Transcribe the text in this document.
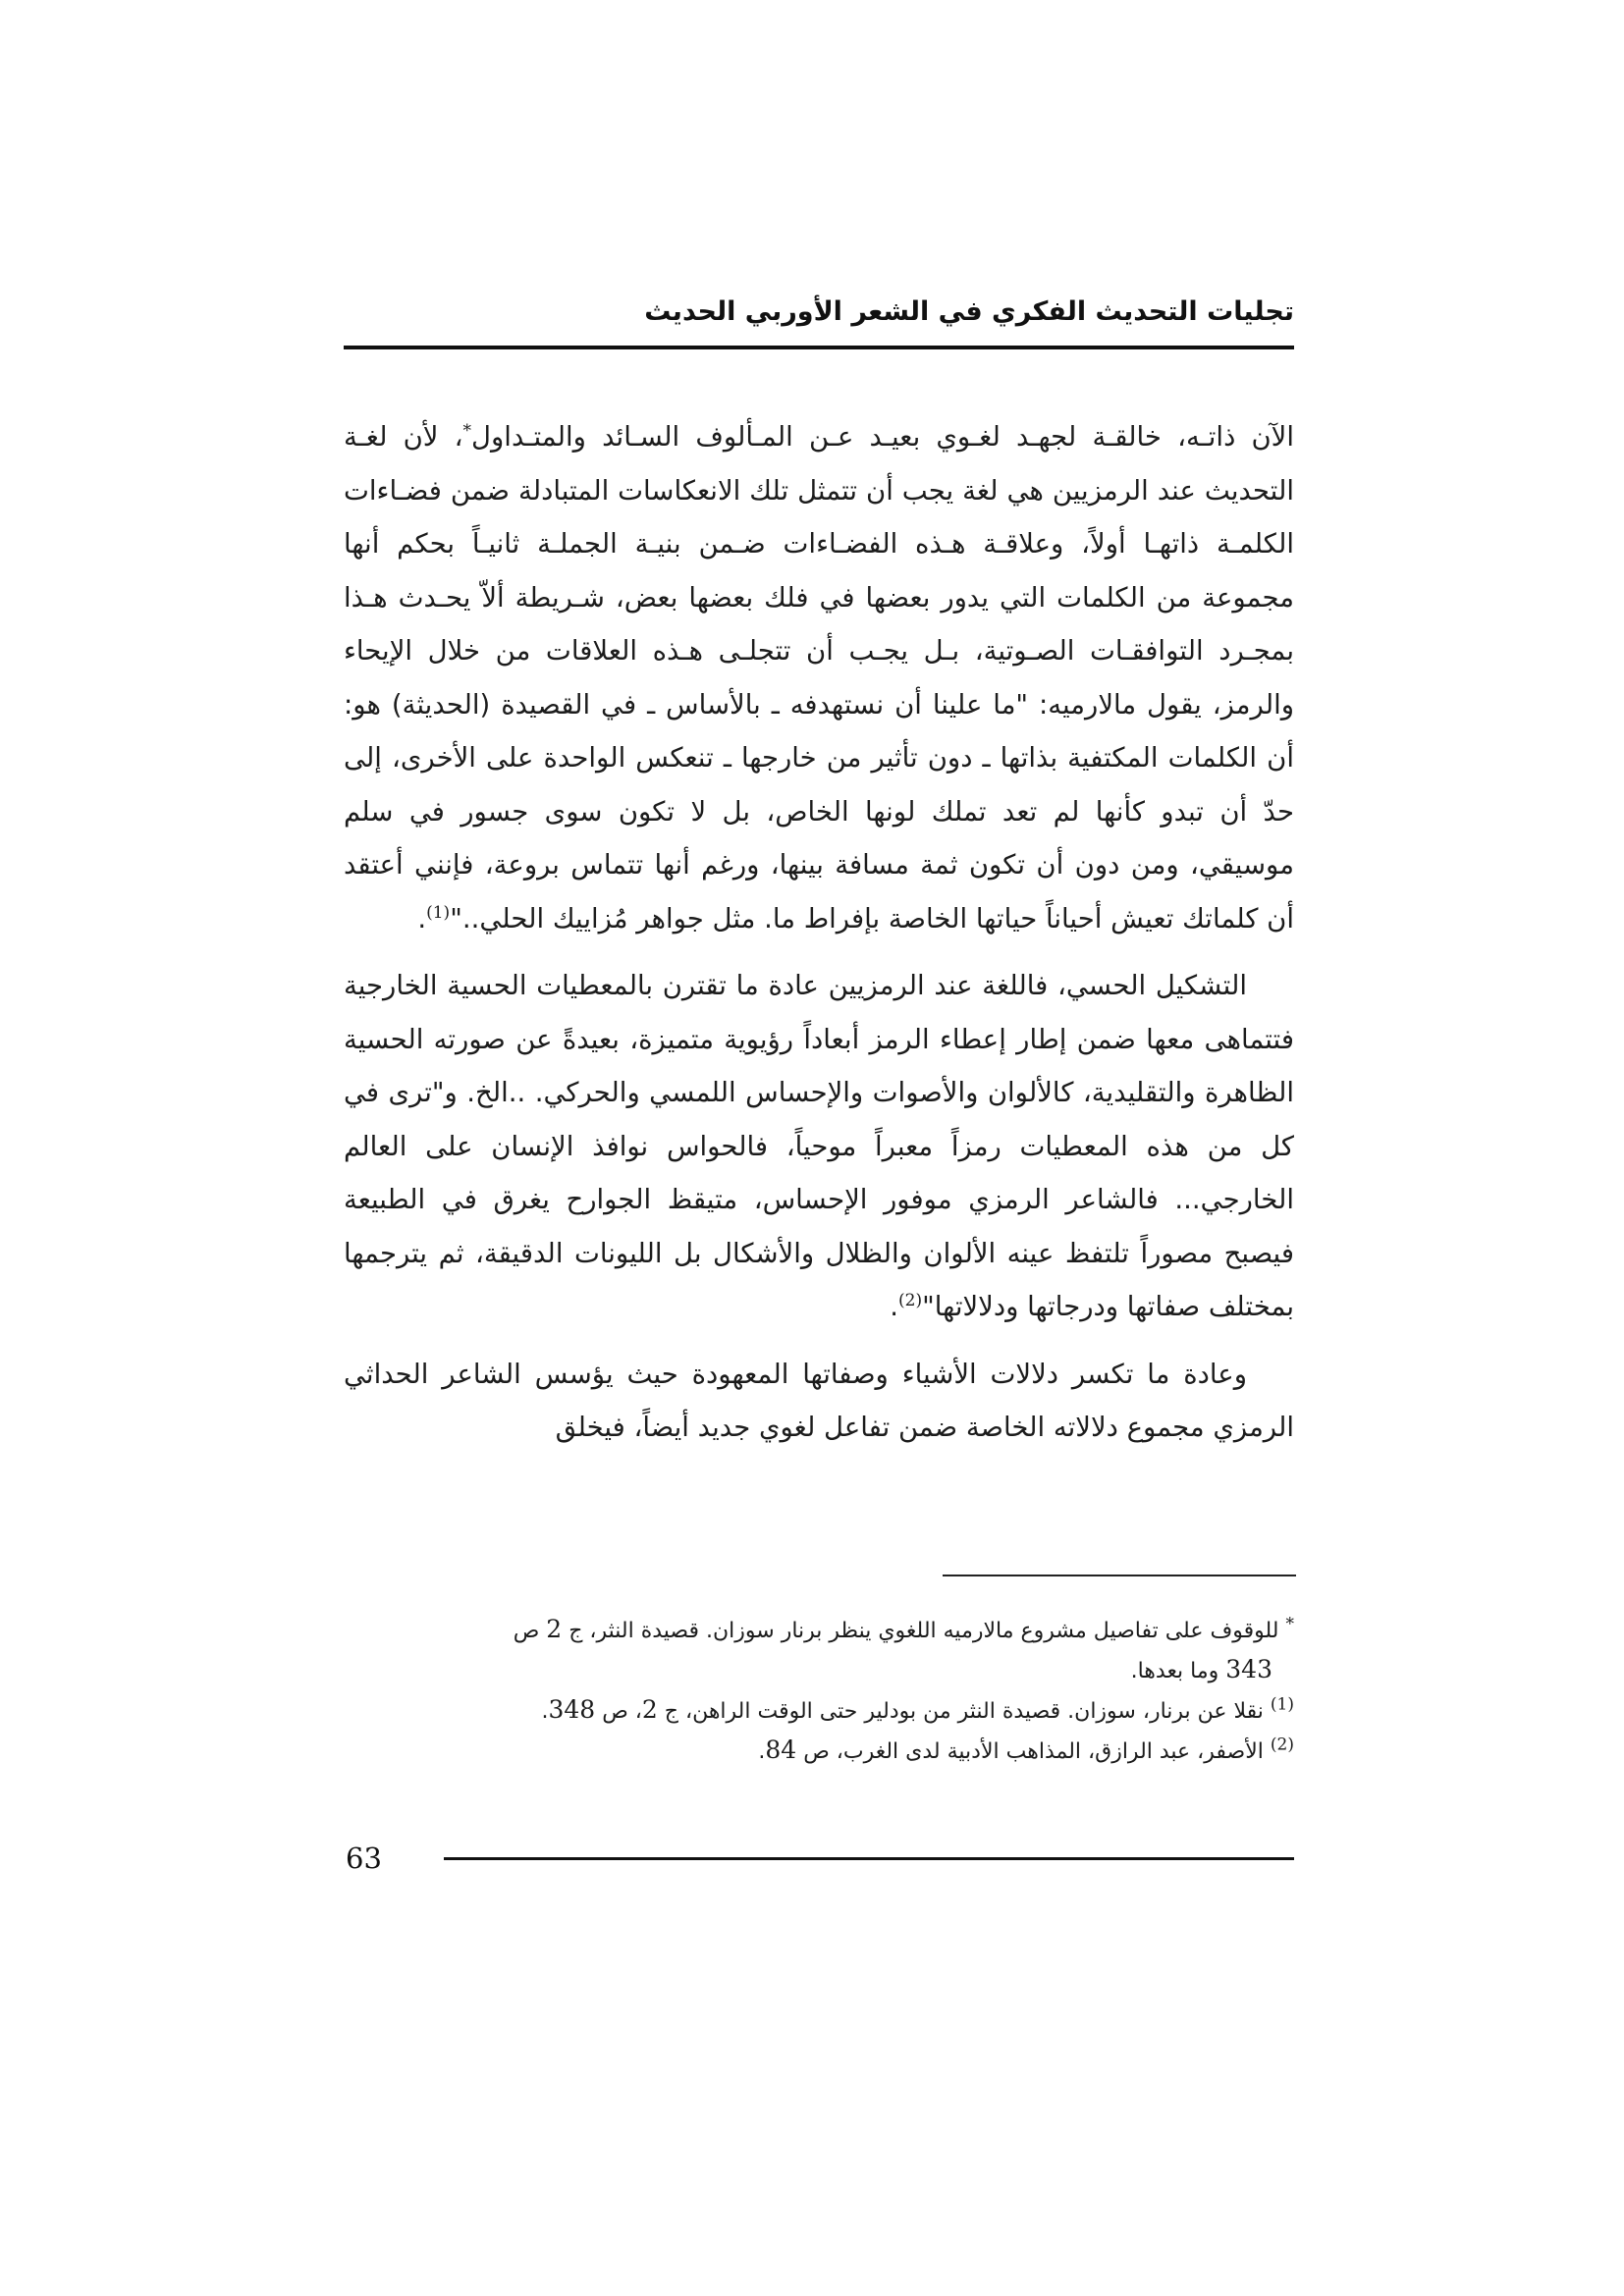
تجليات التحديث الفكري في الشعر الأوربي الحديث

الآن ذاتـه، خالقـة لجهـد لغـوي بعيـد عـن المـألوف السـائد والمتـداول*، لأن لغـة التحديث عند الرمزيين هي لغة يجب أن تتمثل تلك الانعكاسات المتبادلة ضمن فضـاءات الكلمـة ذاتهـا أولاً، وعلاقـة هـذه الفضـاءات ضـمن بنيـة الجملـة ثانيـاً بحكم أنها مجموعة من الكلمات التي يدور بعضها في فلك بعضها بعض، شـريطة ألاّ يحـدث هـذا بمجـرد التوافقـات الصـوتية، بـل يجـب أن تتجلـى هـذه العلاقات من خلال الإيحاء والرمز، يقول مالارميه: "ما علينا أن نستهدفه ـ بالأساس ـ في القصيدة (الحديثة) هو: أن الكلمات المكتفية بذاتها ـ دون تأثير من خارجها ـ تنعكس الواحدة على الأخرى، إلى حدّ أن تبدو كأنها لم تعد تملك لونها الخاص، بل لا تكون سوى جسور في سلم موسيقي، ومن دون أن تكون ثمة مسافة بينها، ورغم أنها تتماس بروعة، فإنني أعتقد أن كلماتك تعيش أحياناً حياتها الخاصة بإفراط ما. مثل جواهر مُزاييك الحلي.."$^{(1)}$.

التشكيل الحسي، فاللغة عند الرمزيين عادة ما تقترن بالمعطيات الحسية الخارجية فتتماهى معها ضمن إطار إعطاء الرمز أبعاداً رؤيوية متميزة، بعيدةً عن صورته الحسية الظاهرة والتقليدية، كالألوان والأصوات والإحساس اللمسي والحركي. ..الخ. و"ترى في كل من هذه المعطيات رمزاً معبراً موحياً، فالحواس نوافذ الإنسان على العالم الخارجي... فالشاعر الرمزي موفور الإحساس، متيقظ الجوارح يغرق في الطبيعة فيصبح مصوراً تلتفظ عينه الألوان والظلال والأشكال بل الليونات الدقيقة، ثم يترجمها بمختلف صفاتها ودرجاتها ودلالاتها"$^{(2)}$.

وعادة ما تكسر دلالات الأشياء وصفاتها المعهودة حيث يؤسس الشاعر الحداثي الرمزي مجموع دلالاته الخاصة ضمن تفاعل لغوي جديد أيضاً، فيخلق

* للوقوف على تفاصيل مشروع مالارميه اللغوي ينظر برنار سوزان. قصيدة النثر، ج 2 ص

343 وما بعدها.

$^{(1)}$ نقلا عن برنار، سوزان. قصيدة النثر من بودلير حتى الوقت الراهن، ج 2، ص 348.

$^{(2)}$ الأصفر، عبد الرازق، المذاهب الأدبية لدى الغرب، ص 84.

63
